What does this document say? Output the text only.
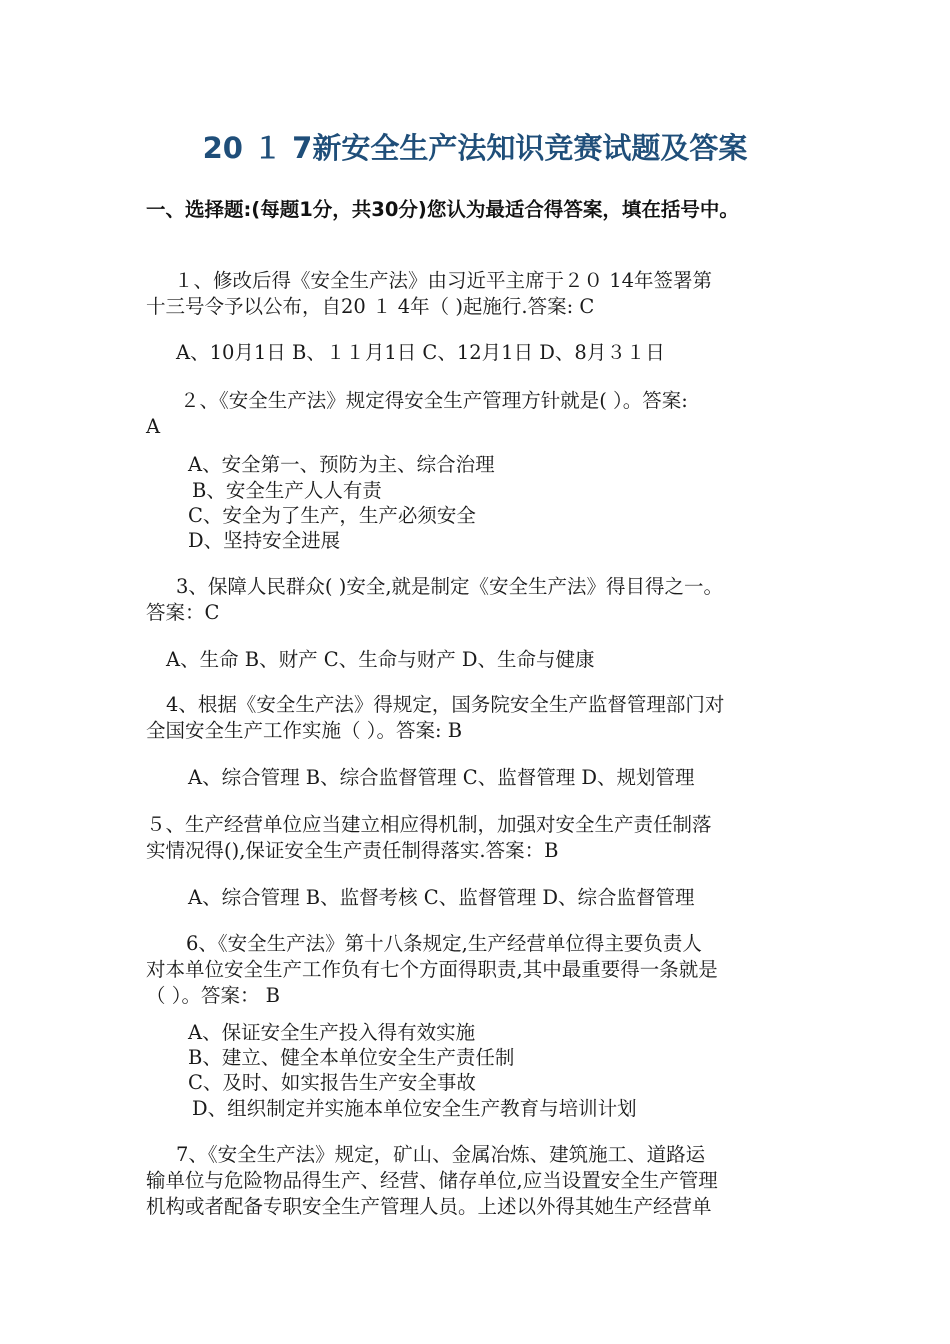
20 １ 7新安全生产法知识竞赛试题及答案
一、选择题:(每题1分，共30分)您认为最适合得答案，填在括号中。
１、修改后得《安全生产法》由习近平主席于２０ 14年签署第
十三号令予以公布，自20 １ 4年（ )起施行.答案: C
A、10月1日 B、１１月1日 C、12月1日 D、8月３１日
２、《安全生产法》规定得安全生产管理方针就是( ）。答案:
A
A、安全第一、预防为主、综合治理
B、安全生产人人有责
C、安全为了生产，生产必须安全
D、坚持安全进展
3、保障人民群众( )安全,就是制定《安全生产法》得目得之一。
答案：C
A、生命 B、财产 C、生命与财产 D、生命与健康
4、根据《安全生产法》得规定，国务院安全生产监督管理部门对
全国安全生产工作实施（ ）。答案: B
A、综合管理 B、综合监督管理 C、监督管理 D、规划管理
５、生产经营单位应当建立相应得机制，加强对安全生产责任制落
实情况得(),保证安全生产责任制得落实.答案：B
A、综合管理 B、监督考核 C、监督管理 D、综合监督管理
6、《安全生产法》第十八条规定,生产经营单位得主要负责人
对本单位安全生产工作负有七个方面得职责,其中最重要得一条就是
（ ）。答案： B
A、保证安全生产投入得有效实施
B、建立、健全本单位安全生产责任制
C、及时、如实报告生产安全事故
D、组织制定并实施本单位安全生产教育与培训计划
7、《安全生产法》规定，矿山、金属冶炼、建筑施工、道路运
输单位与危险物品得生产、经营、储存单位,应当设置安全生产管理
机构或者配备专职安全生产管理人员。上述以外得其她生产经营单
